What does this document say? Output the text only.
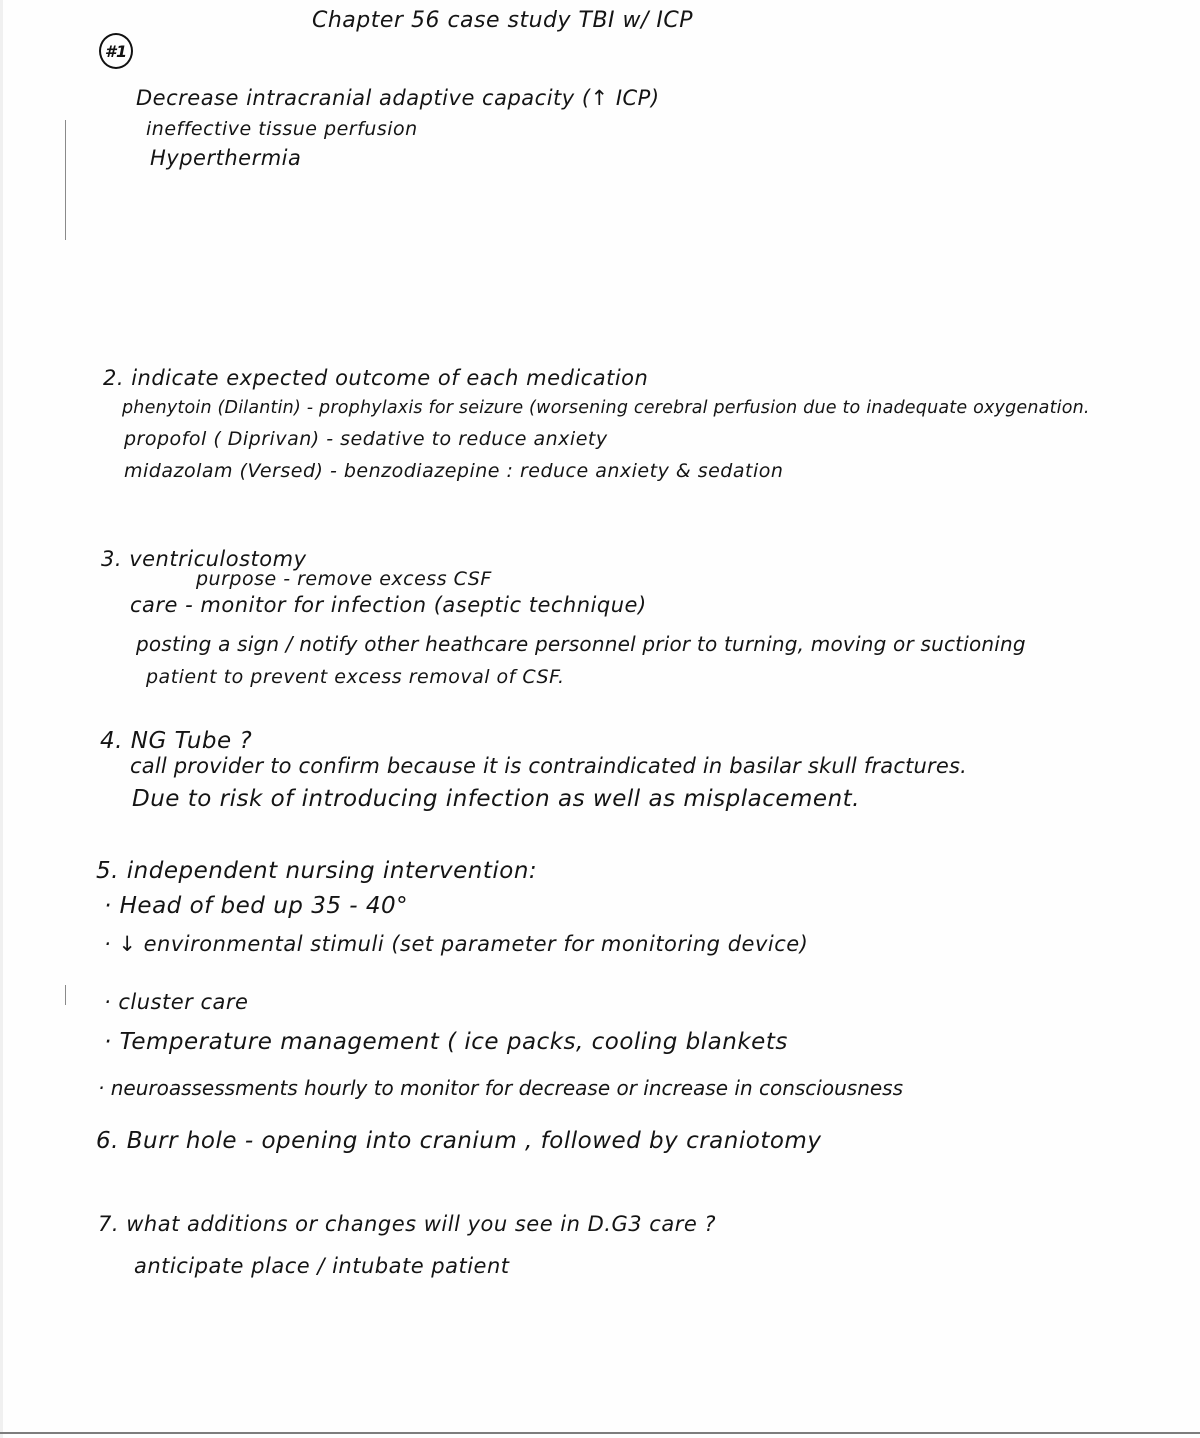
Chapter 56 case study TBI w/ ICP
#1
Decrease intracranial adaptive capacity (↑ ICP)
ineffective tissue perfusion
Hyperthermia
2. indicate expected outcome of each medication
phenytoin (Dilantin) - prophylaxis for seizure (worsening cerebral perfusion due to inadequate oxygenation.
propofol ( Diprivan) - sedative to reduce anxiety
midazolam (Versed) - benzodiazepine : reduce anxiety & sedation
3. ventriculostomy
purpose - remove excess CSF
care - monitor for infection (aseptic technique)
posting a sign / notify other heathcare personnel prior to turning, moving or suctioning
patient to prevent excess removal of CSF.
4. NG Tube ?
call provider to confirm because it is contraindicated in basilar skull fractures.
Due to risk of introducing infection as well as misplacement.
5. independent nursing intervention:
· Head of bed up 35 - 40°
· ↓ environmental stimuli (set parameter for monitoring device)
· cluster care
· Temperature management ( ice packs, cooling blankets
· neuroassessments hourly to monitor for decrease or increase in consciousness
6. Burr hole - opening into cranium , followed by craniotomy
7. what additions or changes will you see in D.G3 care ?
anticipate place / intubate patient
